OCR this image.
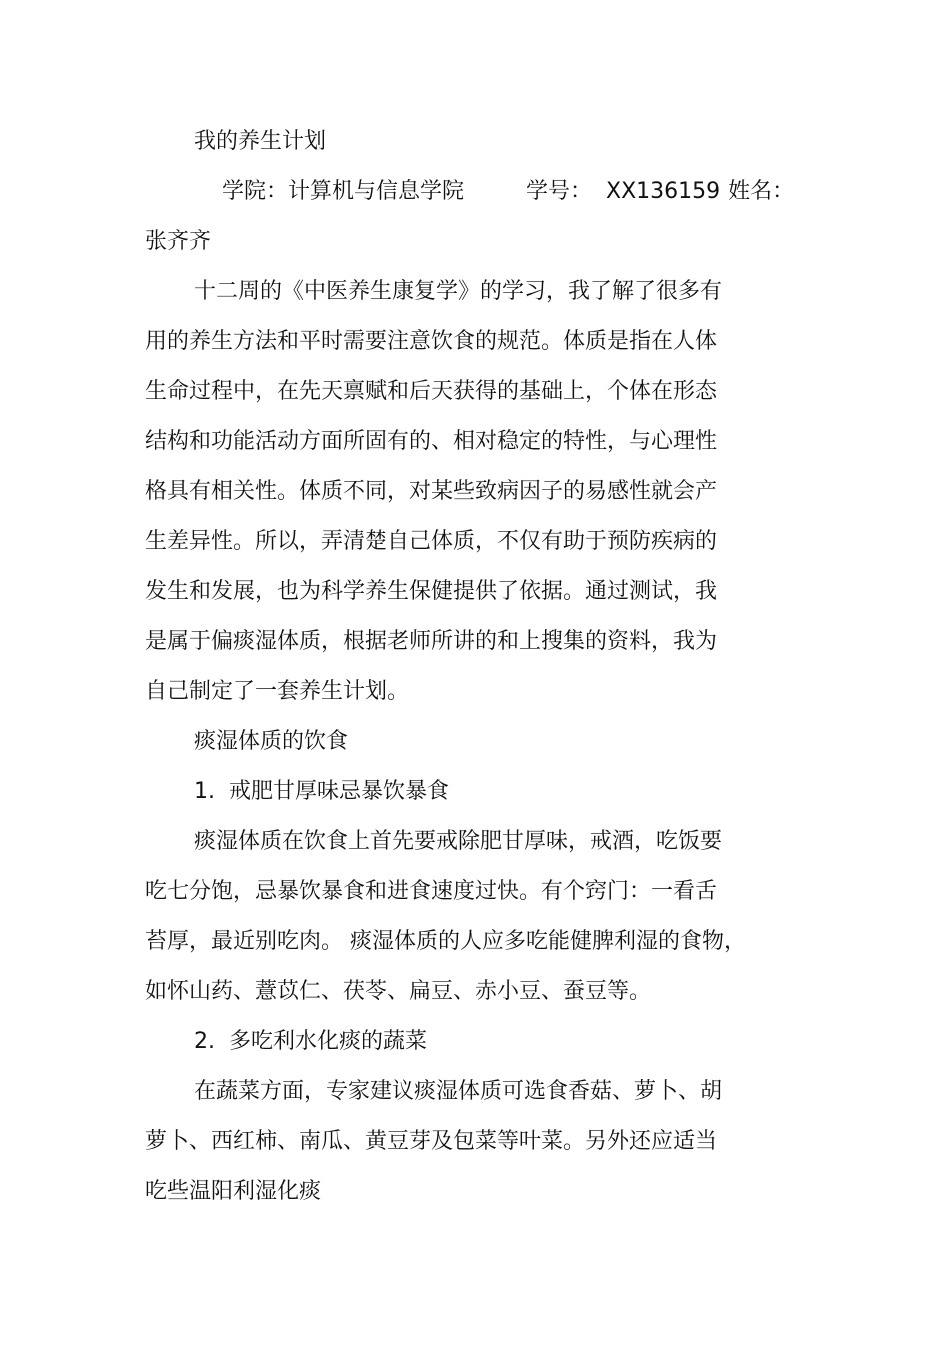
我的养生计划
学院：计算机与信息学院	学号： XX136159 姓名：
张齐齐
十二周的《中医养生康复学》的学习，我了解了很多有
用的养生方法和平时需要注意饮食的规范。体质是指在人体
生命过程中，在先天禀赋和后天获得的基础上，个体在形态
结构和功能活动方面所固有的、相对稳定的特性，与心理性
格具有相关性。体质不同，对某些致病因子的易感性就会产
生差异性。所以，弄清楚自己体质，不仅有助于预防疾病的
发生和发展，也为科学养生保健提供了依据。通过测试，我
是属于偏痰湿体质，根据老师所讲的和上搜集的资料，我为
自己制定了一套养生计划。
痰湿体质的饮食
1. 戒肥甘厚味忌暴饮暴食
痰湿体质在饮食上首先要戒除肥甘厚味，戒酒，吃饭要
吃七分饱，忌暴饮暴食和进食速度过快。有个窍门：一看舌
苔厚，最近别吃肉。 痰湿体质的人应多吃能健脾利湿的食物，
如怀山药、薏苡仁、茯苓、扁豆、赤小豆、蚕豆等。
2. 多吃利水化痰的蔬菜
在蔬菜方面，专家建议痰湿体质可选食香菇、萝卜、胡
萝卜、西红柿、南瓜、黄豆芽及包菜等叶菜。另外还应适当
吃些温阳利湿化痰
